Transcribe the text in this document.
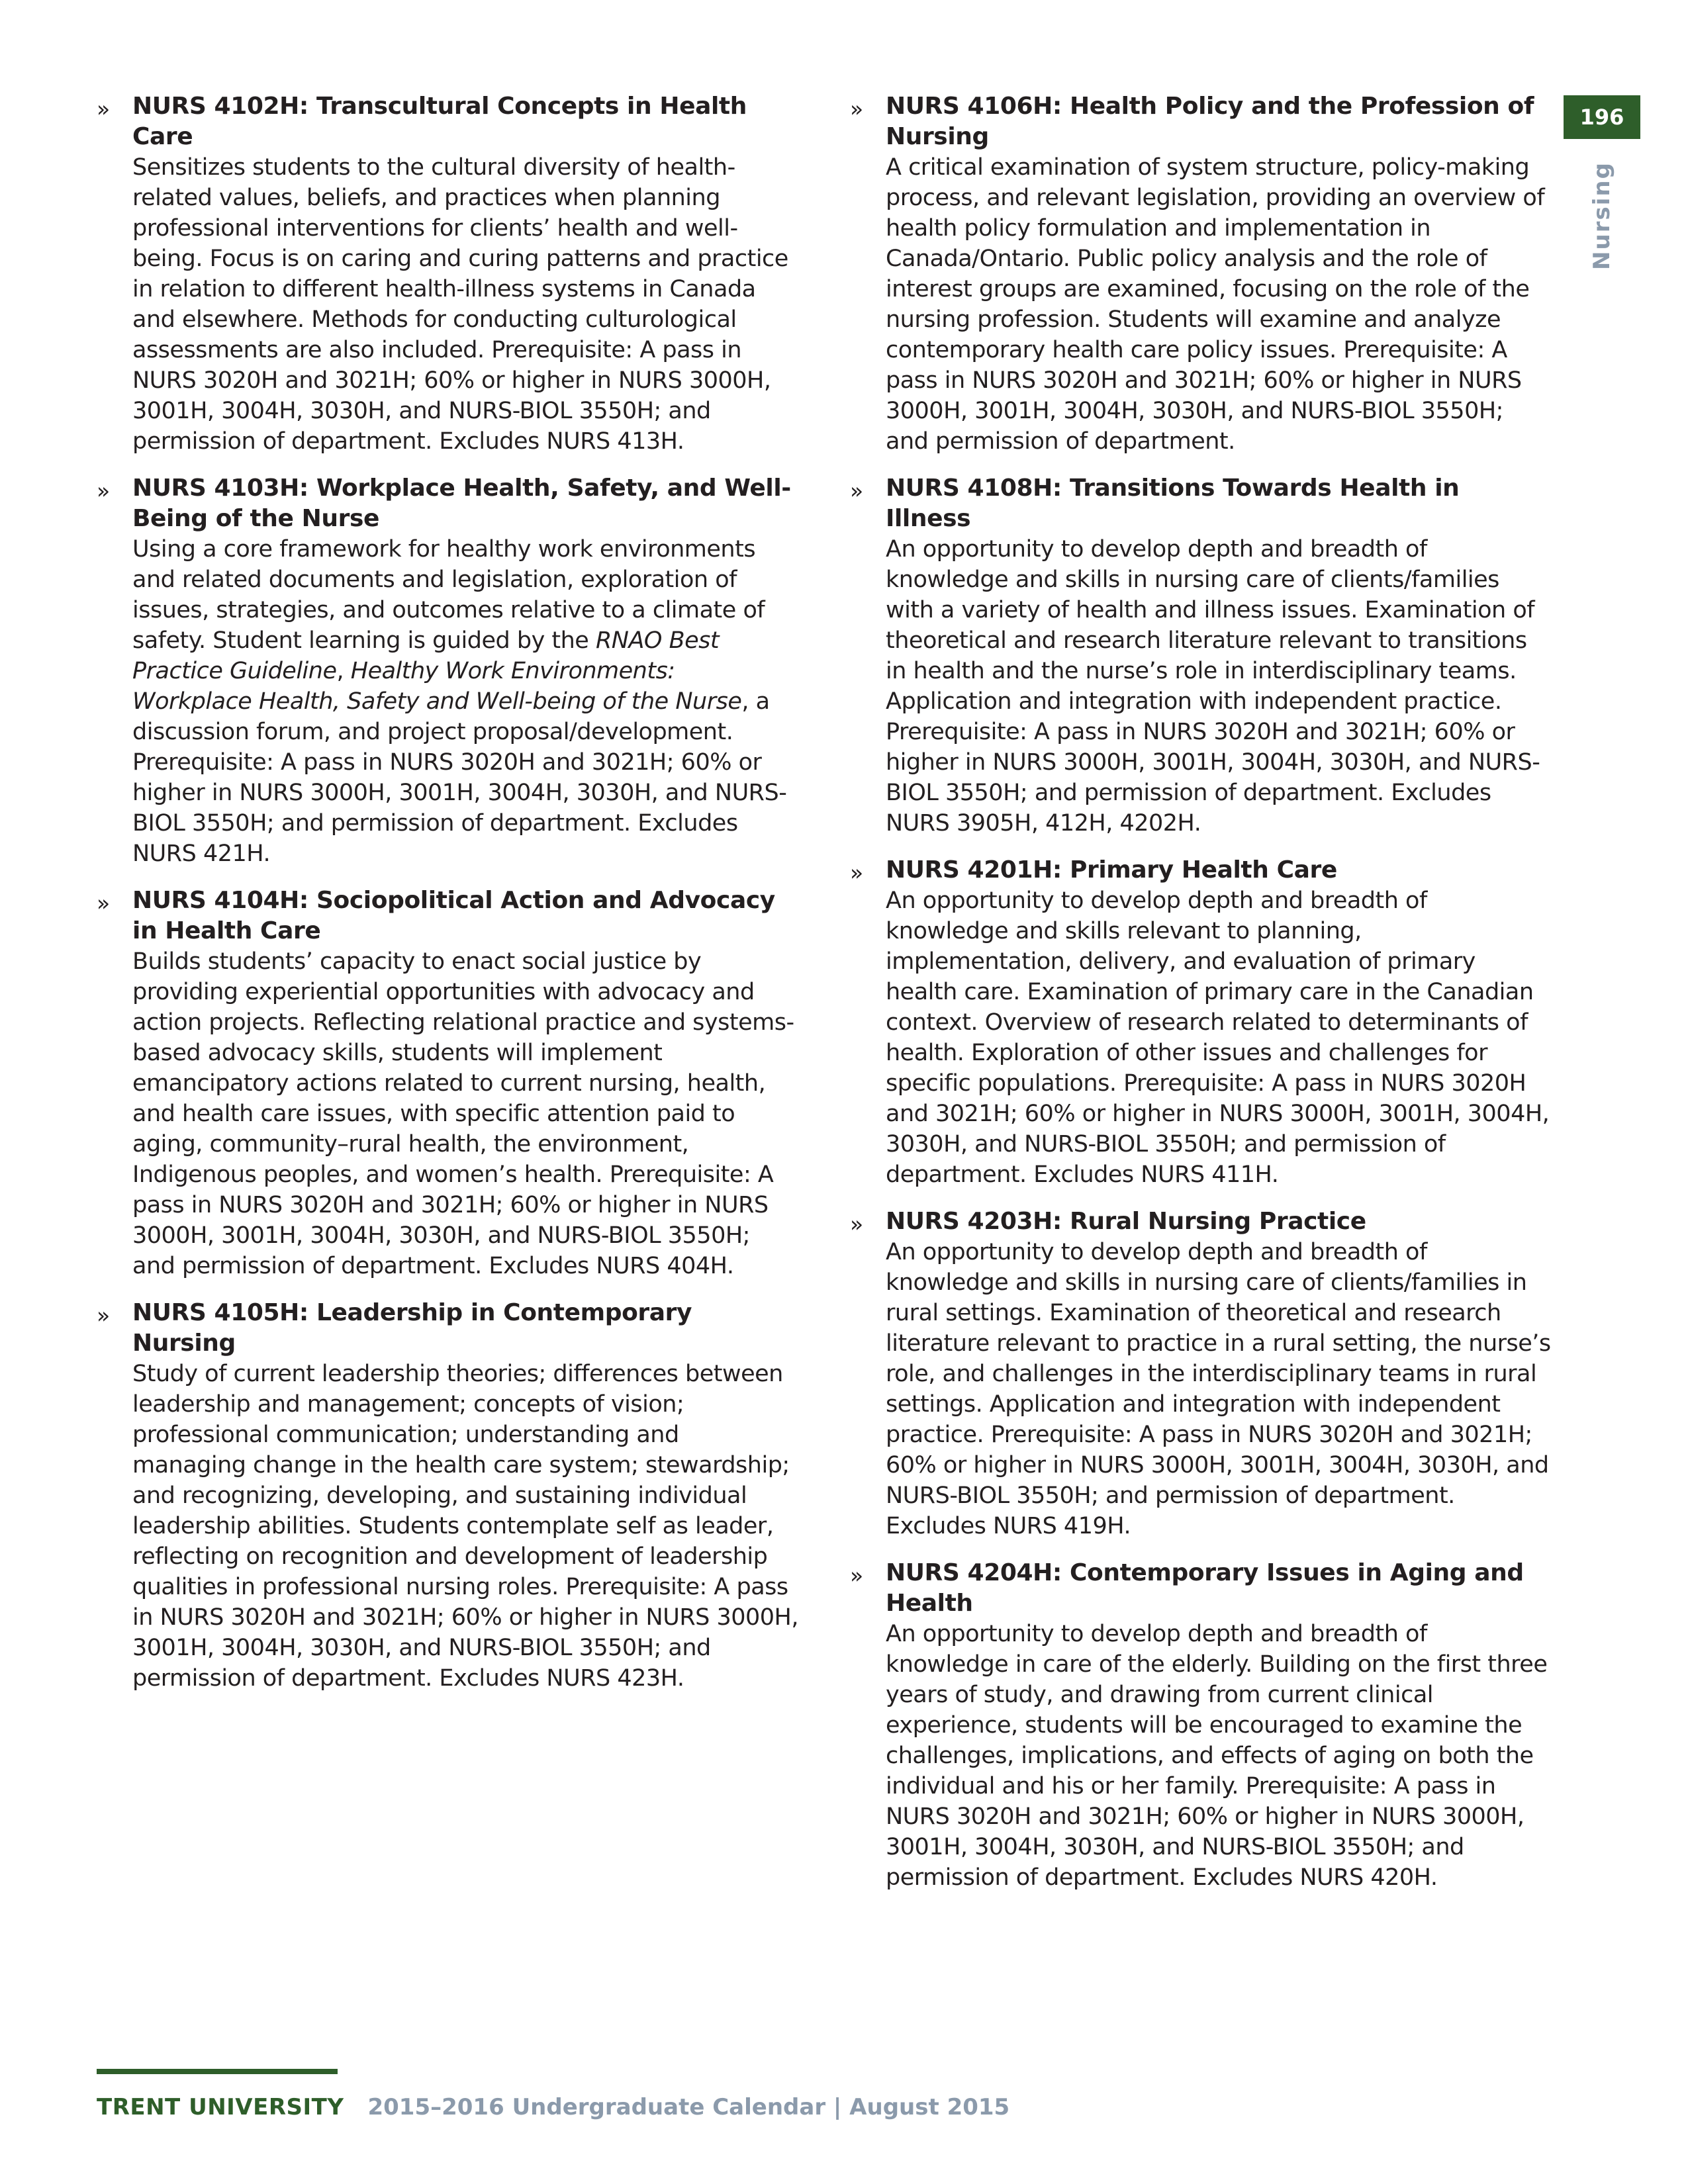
» NURS 4102H: Transcultural Concepts in Health Care
Sensitizes students to the cultural diversity of health-related values, beliefs, and practices when planning professional interventions for clients’ health and well-being. Focus is on caring and curing patterns and practice in relation to different health-illness systems in Canada and elsewhere. Methods for conducting culturological assessments are also included. Prerequisite: A pass in NURS 3020H and 3021H; 60% or higher in NURS 3000H, 3001H, 3004H, 3030H, and NURS-BIOL 3550H; and permission of department. Excludes NURS 413H.
» NURS 4103H: Workplace Health, Safety, and Well-Being of the Nurse
Using a core framework for healthy work environments and related documents and legislation, exploration of issues, strategies, and outcomes relative to a climate of safety. Student learning is guided by the RNAO Best Practice Guideline, Healthy Work Environments: Workplace Health, Safety and Well-being of the Nurse, a discussion forum, and project proposal/development. Prerequisite: A pass in NURS 3020H and 3021H; 60% or higher in NURS 3000H, 3001H, 3004H, 3030H, and NURS-BIOL 3550H; and permission of department. Excludes NURS 421H.
» NURS 4104H: Sociopolitical Action and Advocacy in Health Care
Builds students’ capacity to enact social justice by providing experiential opportunities with advocacy and action projects. Reflecting relational practice and systems-based advocacy skills, students will implement emancipatory actions related to current nursing, health, and health care issues, with specific attention paid to aging, community–rural health, the environment, Indigenous peoples, and women’s health. Prerequisite: A pass in NURS 3020H and 3021H; 60% or higher in NURS 3000H, 3001H, 3004H, 3030H, and NURS-BIOL 3550H; and permission of department. Excludes NURS 404H.
» NURS 4105H: Leadership in Contemporary Nursing
Study of current leadership theories; differences between leadership and management; concepts of vision; professional communication; understanding and managing change in the health care system; stewardship; and recognizing, developing, and sustaining individual leadership abilities. Students contemplate self as leader, reflecting on recognition and development of leadership qualities in professional nursing roles. Prerequisite: A pass in NURS 3020H and 3021H; 60% or higher in NURS 3000H, 3001H, 3004H, 3030H, and NURS-BIOL 3550H; and permission of department. Excludes NURS 423H.
» NURS 4106H: Health Policy and the Profession of Nursing
A critical examination of system structure, policy-making process, and relevant legislation, providing an overview of health policy formulation and implementation in Canada/Ontario. Public policy analysis and the role of interest groups are examined, focusing on the role of the nursing profession. Students will examine and analyze contemporary health care policy issues. Prerequisite: A pass in NURS 3020H and 3021H; 60% or higher in NURS 3000H, 3001H, 3004H, 3030H, and NURS-BIOL 3550H; and permission of department.
» NURS 4108H: Transitions Towards Health in Illness
An opportunity to develop depth and breadth of knowledge and skills in nursing care of clients/families with a variety of health and illness issues. Examination of theoretical and research literature relevant to transitions in health and the nurse’s role in interdisciplinary teams. Application and integration with independent practice. Prerequisite: A pass in NURS 3020H and 3021H; 60% or higher in NURS 3000H, 3001H, 3004H, 3030H, and NURS-BIOL 3550H; and permission of department. Excludes NURS 3905H, 412H, 4202H.
» NURS 4201H: Primary Health Care
An opportunity to develop depth and breadth of knowledge and skills relevant to planning, implementation, delivery, and evaluation of primary health care. Examination of primary care in the Canadian context. Overview of research related to determinants of health. Exploration of other issues and challenges for specific populations. Prerequisite: A pass in NURS 3020H and 3021H; 60% or higher in NURS 3000H, 3001H, 3004H, 3030H, and NURS-BIOL 3550H; and permission of department. Excludes NURS 411H.
» NURS 4203H: Rural Nursing Practice
An opportunity to develop depth and breadth of knowledge and skills in nursing care of clients/families in rural settings. Examination of theoretical and research literature relevant to practice in a rural setting, the nurse’s role, and challenges in the interdisciplinary teams in rural settings. Application and integration with independent practice. Prerequisite: A pass in NURS 3020H and 3021H; 60% or higher in NURS 3000H, 3001H, 3004H, 3030H, and NURS-BIOL 3550H; and permission of department. Excludes NURS 419H.
» NURS 4204H: Contemporary Issues in Aging and Health
An opportunity to develop depth and breadth of knowledge in care of the elderly. Building on the first three years of study, and drawing from current clinical experience, students will be encouraged to examine the challenges, implications, and effects of aging on both the individual and his or her family. Prerequisite: A pass in NURS 3020H and 3021H; 60% or higher in NURS 3000H, 3001H, 3004H, 3030H, and NURS-BIOL 3550H; and permission of department. Excludes NURS 420H.
196
Nursing
TRENT UNIVERSITY 2015–2016 Undergraduate Calendar | August 2015
